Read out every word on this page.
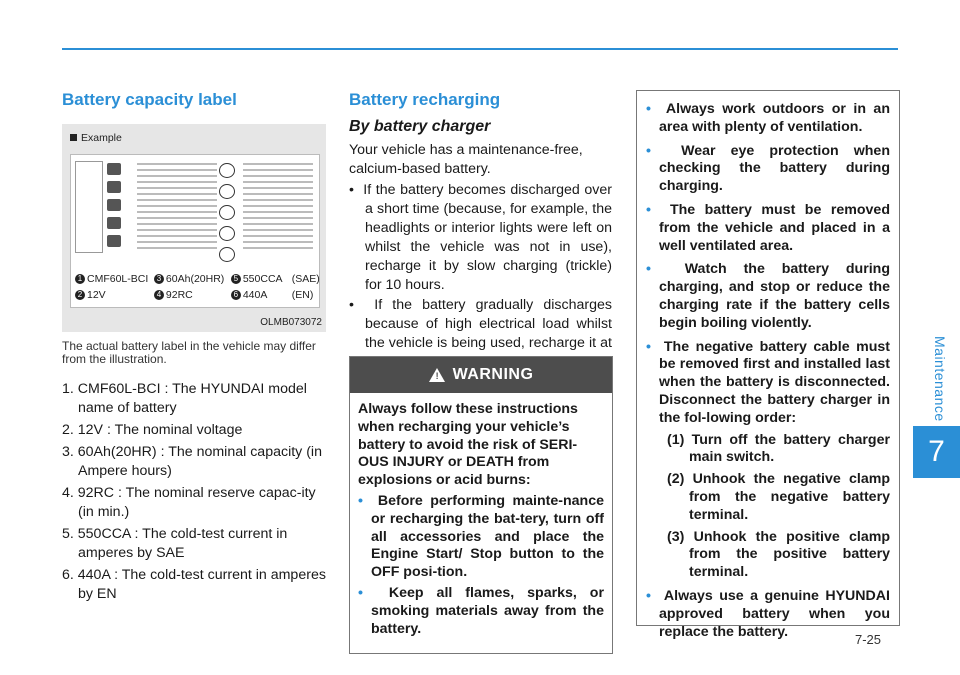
Maintenance
7
Battery capacity label
Example
1 CMF60L-BCI 3 60Ah(20HR) 5 550CCA (SAE)
2 12V	4 92RC	6 440A (EN)
OLMB073072
The actual battery label in the vehicle may differ from the illustration.
1. CMF60L-BCI : The HYUNDAI model name of battery
2. 12V : The nominal voltage
3. 60Ah(20HR) : The nominal capacity (in Ampere hours)
4. 92RC : The nominal reserve capac-ity (in min.)
5. 550CCA : The cold-test current in amperes by SAE
6. 440A : The cold-test current in amperes by EN
Battery recharging
By battery charger
Your vehicle has a maintenance-free, calcium-based battery.
•  If the battery becomes discharged over a short time (because, for example, the headlights or interior lights were left on whilst the vehicle was not in use), recharge it by slow charging (trickle) for 10 hours.
•  If the battery gradually discharges because of high electrical load whilst the vehicle is being used, recharge it at
! WARNING
Always follow these instructions when recharging your vehicle’s battery to avoid the risk of SERI-OUS INJURY or DEATH from explosions or acid burns:
• Before performing mainte-nance or recharging the bat-tery, turn off all accessories and place the Engine Start/ Stop button to the OFF posi-tion.
• Keep all flames, sparks, or smoking materials away from the battery.
• Always work outdoors or in an area with plenty of ventilation.
• Wear eye protection when checking the battery during charging.
• The battery must be removed from the vehicle and placed in a well ventilated area.
• Watch the battery during charging, and stop or reduce the charging rate if the battery cells begin boiling violently.
• The negative battery cable must be removed first and installed last when the battery is disconnected. Disconnect the battery charger in the fol-lowing order:
(1) Turn off the battery charger main switch.
(2) Unhook the negative clamp from the negative battery terminal.
(3) Unhook the positive clamp from the positive battery terminal.
• Always use a genuine HYUNDAI approved battery when you replace the battery.	7-25
